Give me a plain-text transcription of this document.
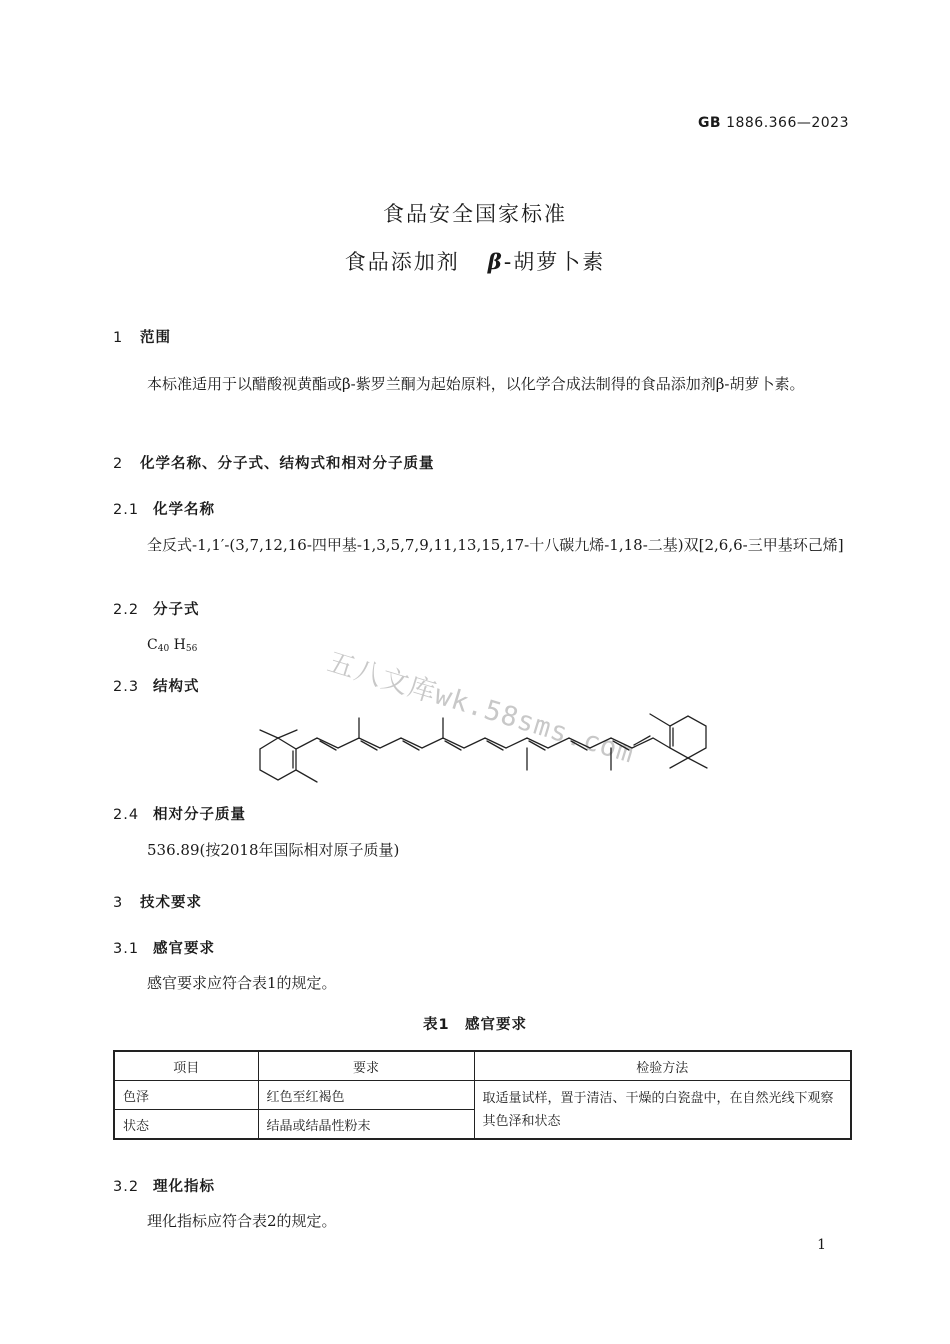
GB 1886.366—2023
食品安全国家标准
食品添加剂 β-胡萝卜素
1 范围
本标准适用于以醋酸视黄酯或β-紫罗兰酮为起始原料，以化学合成法制得的食品添加剂β-胡萝卜素。
2 化学名称、分子式、结构式和相对分子质量
2.1 化学名称
全反式-1,1′-(3,7,12,16-四甲基-1,3,5,7,9,11,13,15,17-十八碳九烯-1,18-二基)双[2,6,6-三甲基环己烯]
2.2 分子式
$C_{40}$ $H_{56}$	五八文库wk.58sms.com
2.3 结构式
2.4 相对分子质量
536.89(按2018年国际相对原子质量)
3 技术要求
3.1 感官要求
感官要求应符合表1的规定。
表1　感官要求
项目	要求	检验方法
色泽	红色至红褐色	取适量试样，置于清洁、干燥的白瓷盘中，在自然光线下观察其色泽和状态
状态	结晶或结晶性粉末	
3.2 理化指标
理化指标应符合表2的规定。
1
